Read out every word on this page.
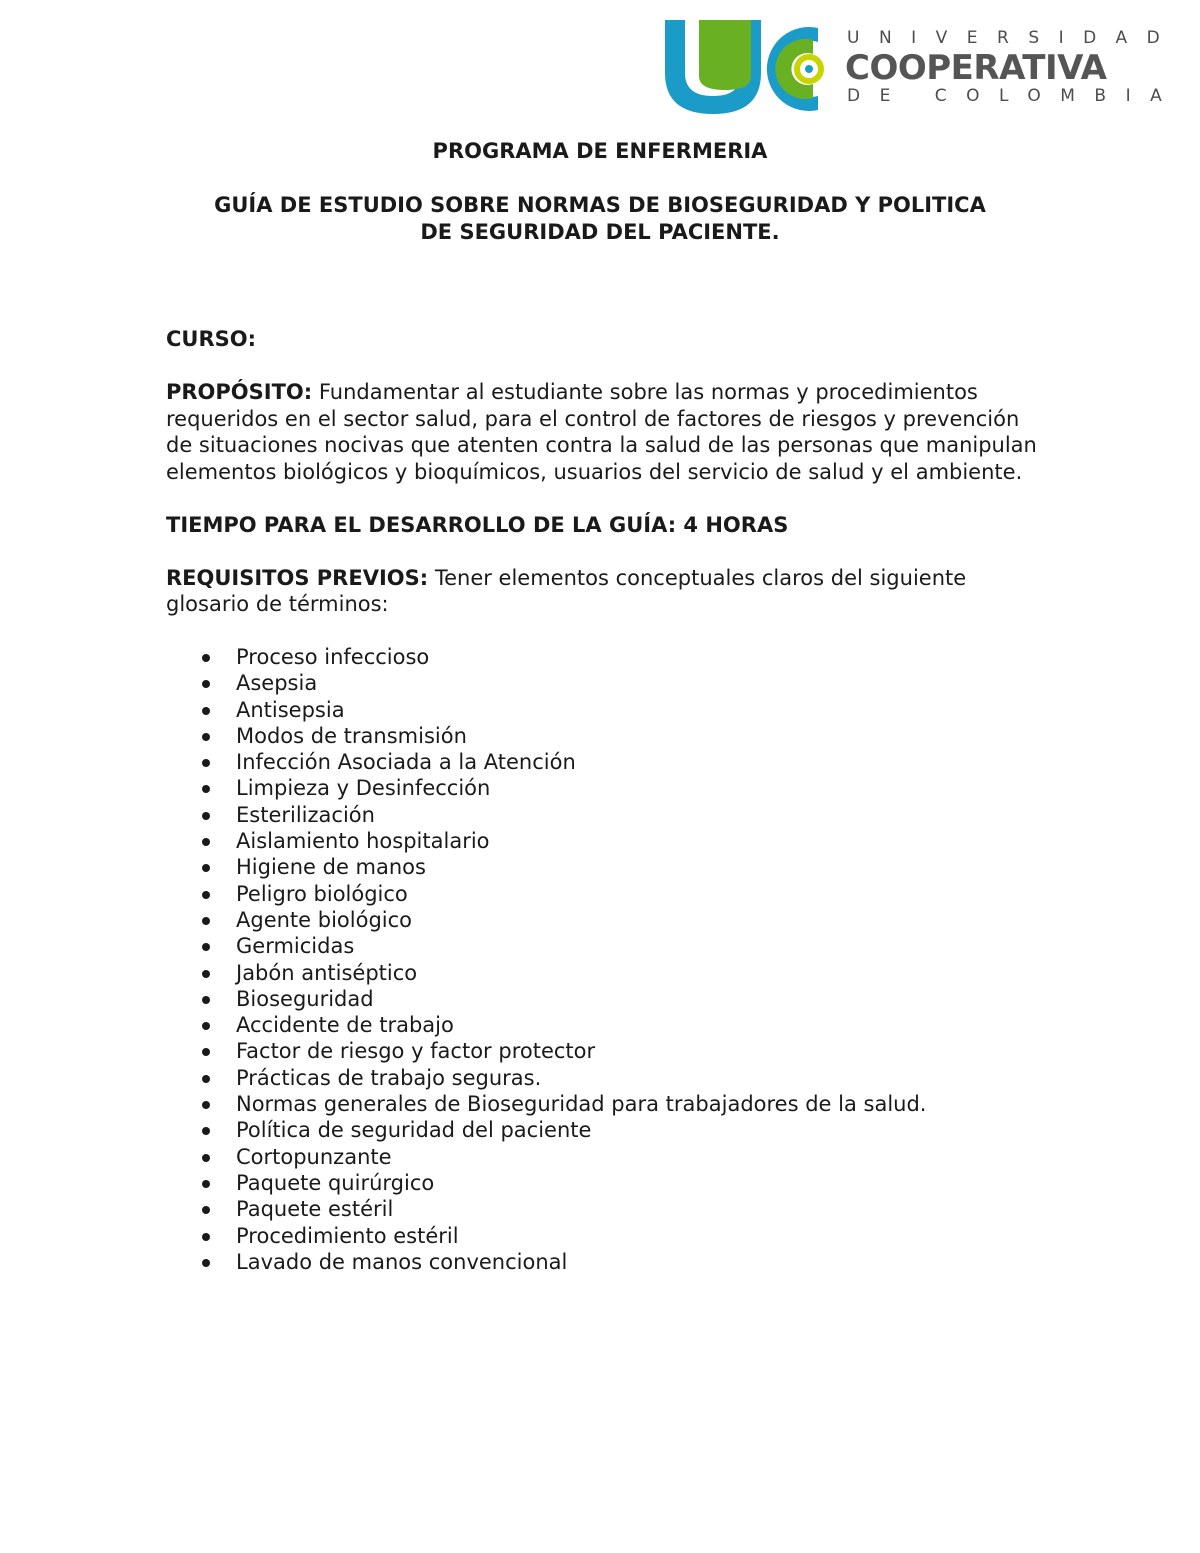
UNIVERSIDAD
COOPERATIVA
DE COLOMBIA

PROGRAMA DE ENFERMERIA

GUÍA DE ESTUDIO SOBRE NORMAS DE BIOSEGURIDAD Y POLITICA
DE SEGURIDAD DEL PACIENTE.

CURSO:

PROPÓSITO: Fundamentar al estudiante sobre las normas y procedimientos requeridos en el sector salud, para el control de factores de riesgos y prevención de situaciones nocivas que atenten contra la salud de las personas que manipulan elementos biológicos y bioquímicos, usuarios del servicio de salud y el ambiente.

TIEMPO PARA EL DESARROLLO DE LA GUÍA: 4 HORAS

REQUISITOS PREVIOS: Tener elementos conceptuales claros del siguiente glosario de términos:

Proceso infeccioso
Asepsia
Antisepsia
Modos de transmisión
Infección Asociada a la Atención
Limpieza y Desinfección
Esterilización
Aislamiento hospitalario
Higiene de manos
Peligro biológico
Agente biológico
Germicidas
Jabón antiséptico
Bioseguridad
Accidente de trabajo
Factor de riesgo y factor protector
Prácticas de trabajo seguras.
Normas generales de Bioseguridad para trabajadores de la salud.
Política de seguridad del paciente
Cortopunzante
Paquete quirúrgico
Paquete estéril
Procedimiento estéril
Lavado de manos convencional
